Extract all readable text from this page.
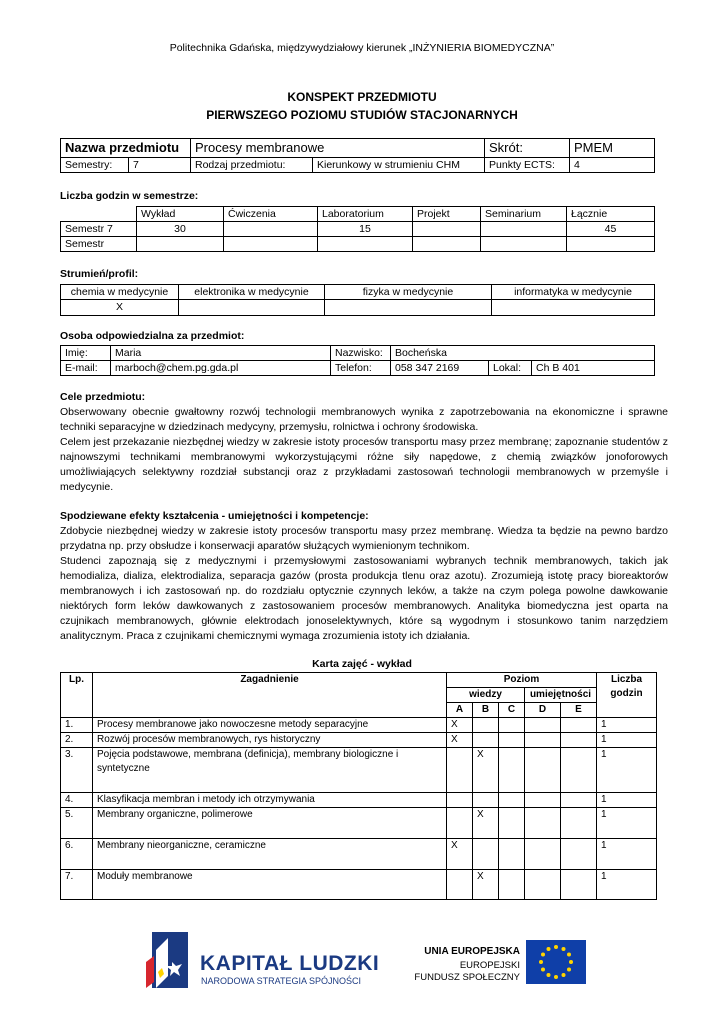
Politechnika Gdańska, międzywydziałowy kierunek „INŻYNIERIA BIOMEDYCZNA”
KONSPEKT PRZEDMIOTU
PIERWSZEGO POZIOMU STUDIÓW STACJONARNYCH
Nazwa przedmiotu		Procesy membranowe		Skrót:	PMEM
Semestry:	7	Rodzaj przedmiotu:	Kierunkowy w strumieniu CHM	Punkty ECTS:	4
Liczba godzin w semestrze:
	Wykład	Ćwiczenia	Laboratorium	Projekt	Seminarium	Łącznie
Semestr 7	30		15			45
Semestr						
Strumień/profil:
chemia w medycynie	elektronika w medycynie	fizyka w medycynie	informatyka w medycynie
X			
Osoba odpowiedzialna za przedmiot:
Imię:	Maria	Nazwisko:	Bocheńska		
E-mail:	marboch@chem.pg.gda.pl	Telefon:	058 347 2169	Lokal:	Ch B 401
Cele przedmiotu:

Obserwowany obecnie gwałtowny rozwój technologii membranowych wynika z zapotrzebowania na ekonomiczne i sprawne techniki separacyjne w dziedzinach medycyny, przemysłu, rolnictwa i ochrony środowiska.

Celem jest przekazanie niezbędnej wiedzy w zakresie istoty procesów transportu masy przez membranę; zapoznanie studentów z najnowszymi technikami membranowymi wykorzystującymi różne siły napędowe, z chemią związków jonoforowych umożliwiających selektywny rozdział substancji oraz z przykładami zastosowań technologii membranowych w przemyśle i medycynie.

Spodziewane efekty kształcenia - umiejętności i kompetencje:

Zdobycie niezbędnej wiedzy w zakresie istoty procesów transportu masy przez membranę. Wiedza ta będzie na pewno bardzo przydatna np. przy obsłudze i konserwacji aparatów służących wymienionym technikom.

Studenci zapoznają się z medycznymi i przemysłowymi zastosowaniami wybranych technik membranowych, takich jak hemodializa, dializa, elektrodializa, separacja gazów (prosta produkcja tlenu oraz azotu). Zrozumieją istotę pracy bioreaktorów membranowych i ich zastosowań np. do rozdziału optycznie czynnych leków, a także na czym polega powolne dawkowanie niektórych form leków dawkowanych z zastosowaniem procesów membranowych. Analityka biomedyczna jest oparta na czujnikach membranowych, głównie elektrodach jonoselektywnych, które są wygodnym i stosunkowo tanim narzędziem analitycznym. Praca z czujnikami chemicznymi wymaga zrozumienia istoty ich działania.

Karta zajęć - wykład
Lp.	Zagadnienie	Poziom					Liczba godzin
		wiedzy			umiejętności		
		A	B	C	D	E	
1.	Procesy membranowe jako nowoczesne metody separacyjne	X					1
2.	Rozwój procesów membranowych, rys historyczny	X					1
3.	Pojęcia podstawowe, membrana (definicja), membrany biologiczne i syntetyczne		X				1
4.	Klasyfikacja membran i metody ich otrzymywania						1
5.	Membrany organiczne, polimerowe		X				1
6.	Membrany nieorganiczne, ceramiczne	X					1
7.	Moduły membranowe		X				1
KAPITAŁ LUDZKI
NARODOWA STRATEGIA SPÓJNOŚCI
UNIA EUROPEJSKA
EUROPEJSKI
FUNDUSZ SPOŁECZNY
